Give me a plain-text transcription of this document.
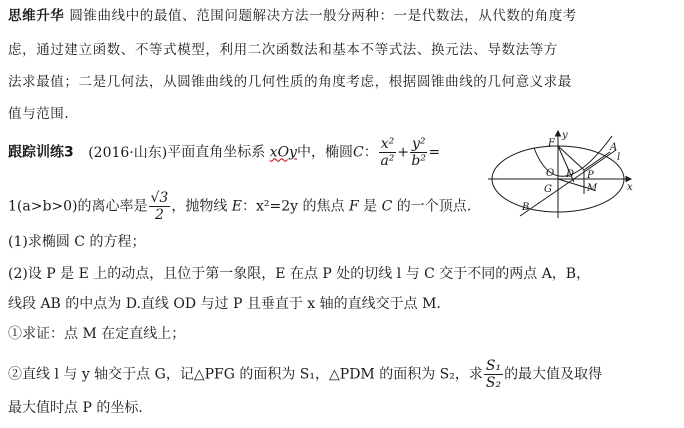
思维升华 圆锥曲线中的最值、范围问题解决方法一般分两种：一是代数法，从代数的角度考
虑，通过建立函数、不等式模型，利用二次函数法和基本不等式法、换元法、导数法等方
法求最值；二是几何法，从圆锥曲线的几何性质的角度考虑，根据圆锥曲线的几何意义求最
值与范围.
跟踪训练3 (2016·山东)平面直角坐标系 xOy中，椭圆C： $\frac{\text{x²}}{\text{a²}} + \frac{\text{y²}}{\text{b²}}$ =
1(a>b>0)的离心率是 $\frac{√3}{2}$ ，抛物线 E：x²=2y 的焦点 F 是 C 的一个顶点.
(1)求椭圆 C 的方程；
(2)设 P 是 E 上的动点，且位于第一象限，E 在点 P 处的切线 l 与 C 交于不同的两点 A，B，
线段 AB 的中点为 D.直线 OD 与过 P 且垂直于 x 轴的直线交于点 M.
①求证：点 M 在定直线上；
②直线 l 与 y 轴交于点 G，记△PFG 的面积为 S₁，△PDM 的面积为 S₂，求 $\frac{\text{S₁}}{\text{S₂}}$ 的最大值及取得
最大值时点 P 的坐标.
y
x
F
O D P
G	M
A
B
l
